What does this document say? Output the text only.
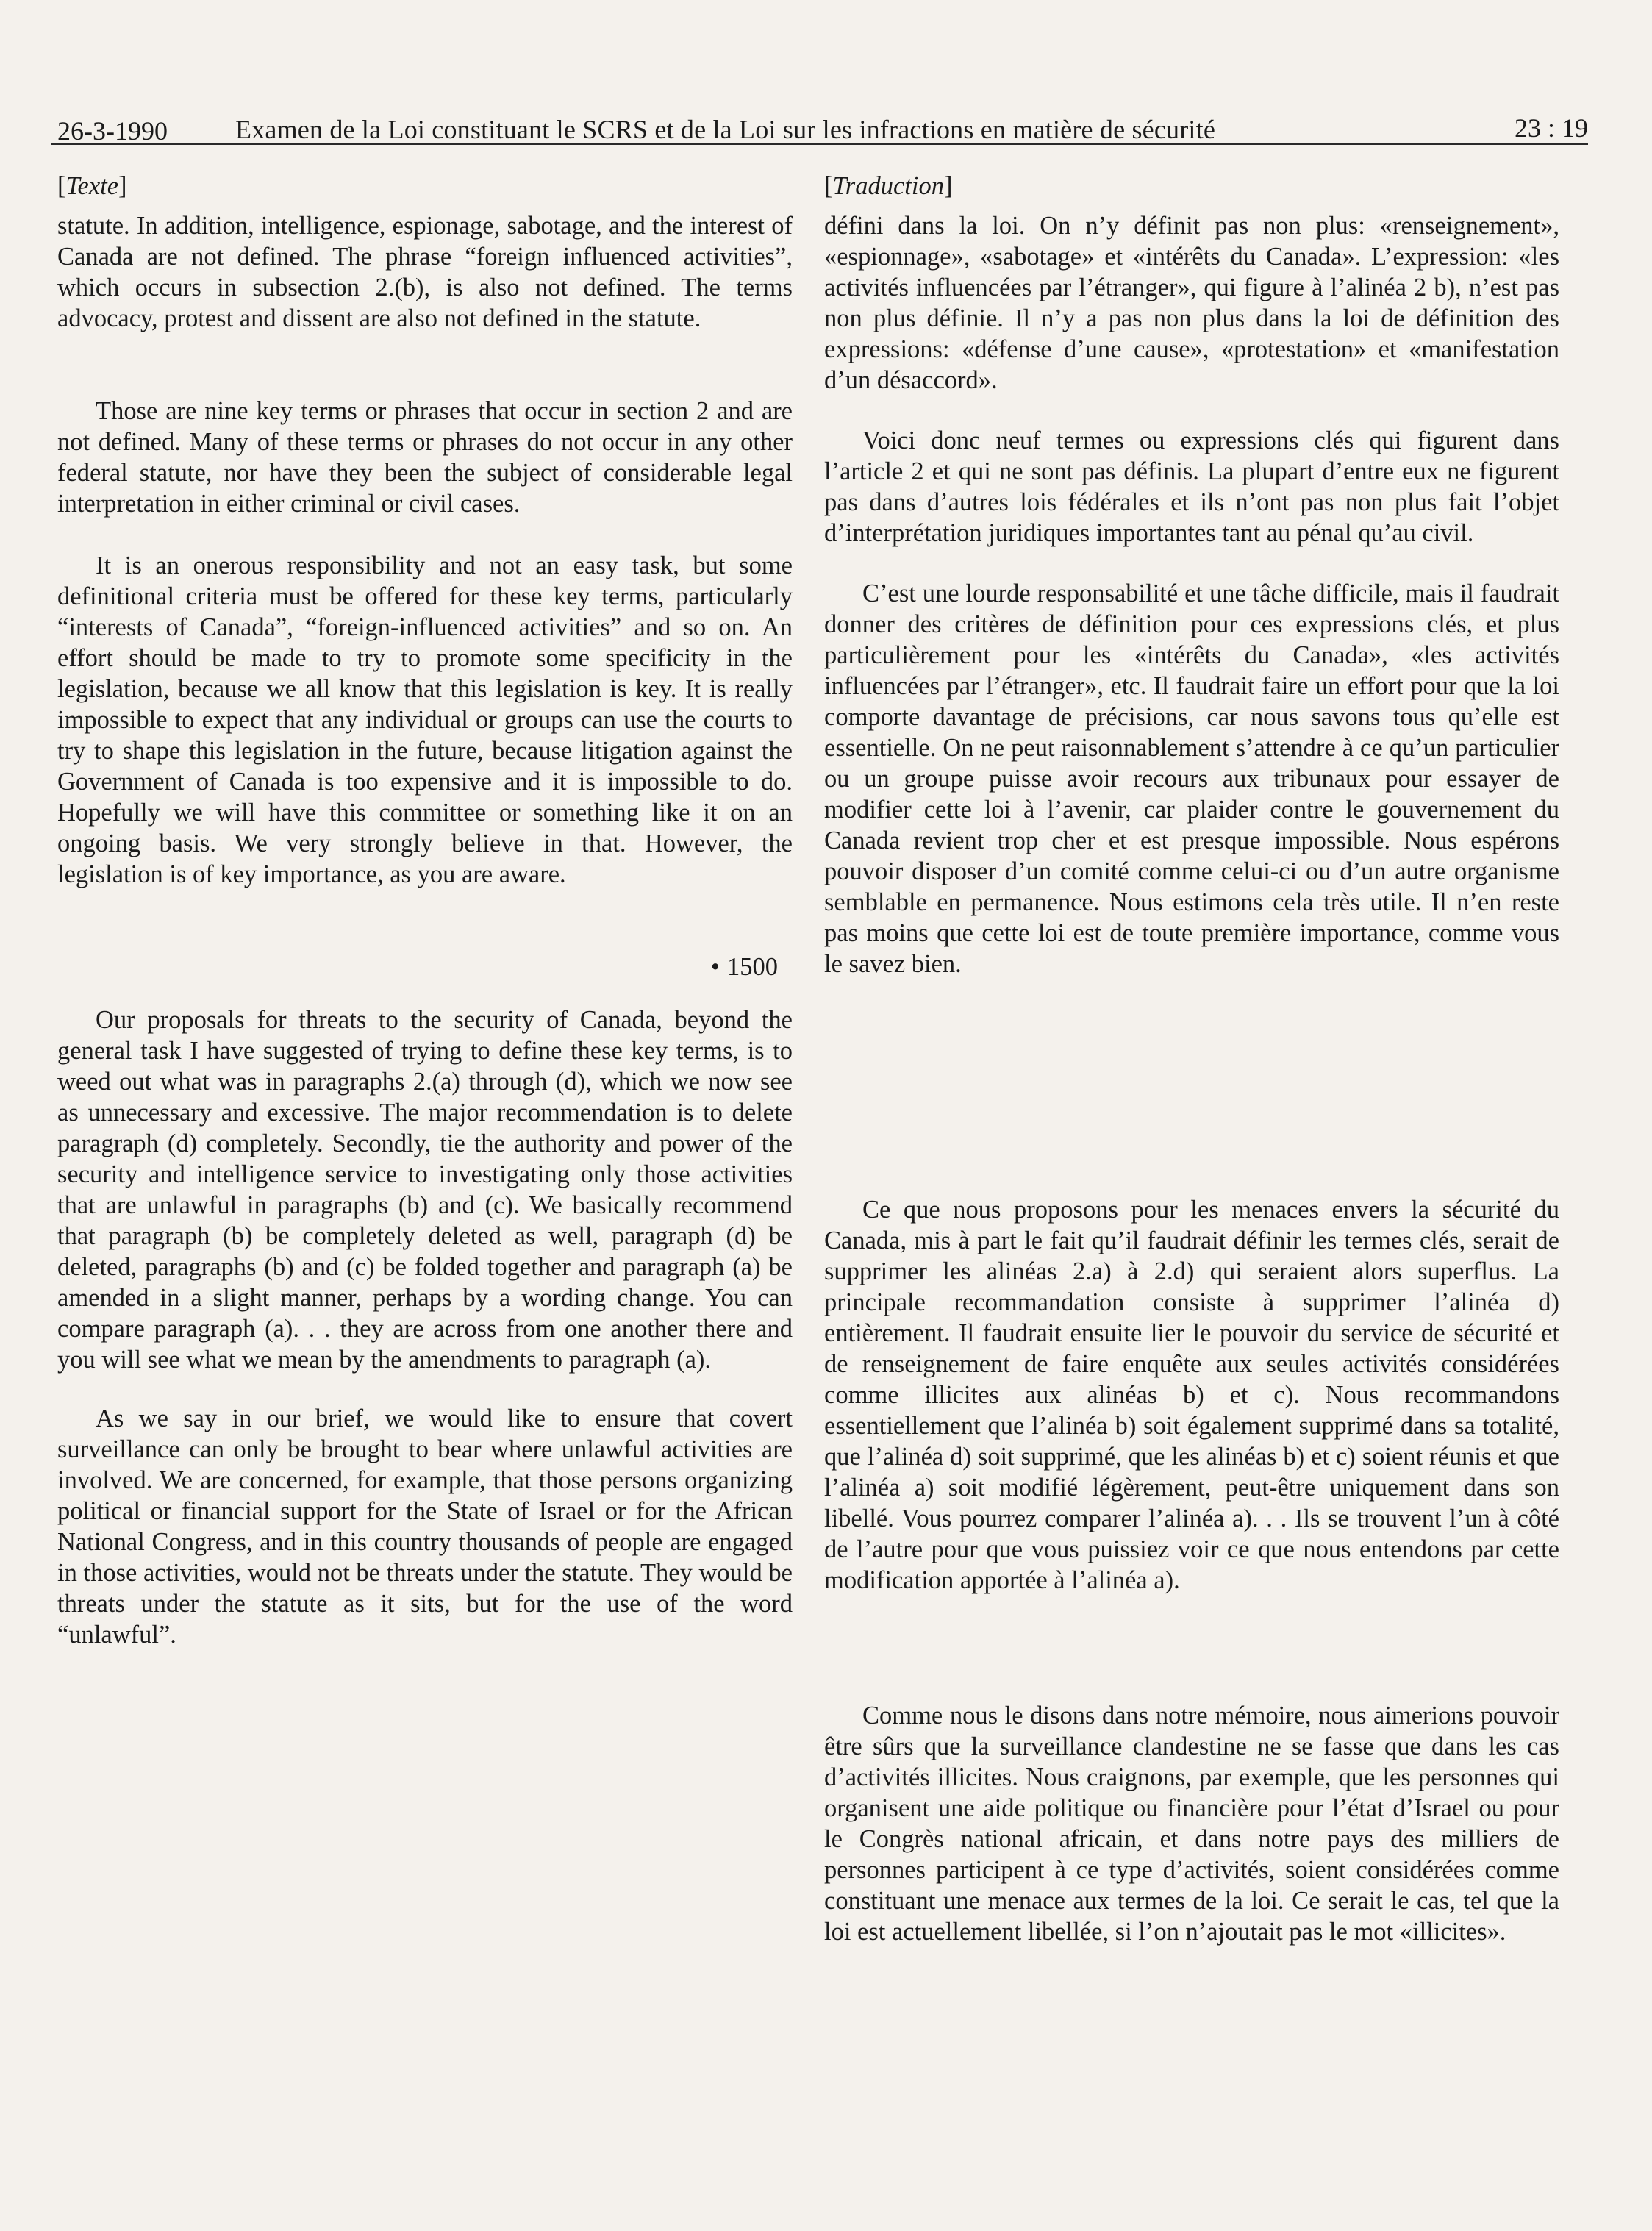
26-3-1990	Examen de la Loi constituant le SCRS et de la Loi sur les infractions en matière de sécurité	23 : 19
[Texte]

statute. In addition, intelligence, espionage, sabotage, and the interest of Canada are not defined. The phrase “foreign influenced activities”, which occurs in subsection 2.(b), is also not defined. The terms advocacy, protest and dissent are also not defined in the statute.

Those are nine key terms or phrases that occur in section 2 and are not defined. Many of these terms or phrases do not occur in any other federal statute, nor have they been the subject of considerable legal interpretation in either criminal or civil cases.

It is an onerous responsibility and not an easy task, but some definitional criteria must be offered for these key terms, particularly “interests of Canada”, “foreign-influenced activities” and so on. An effort should be made to try to promote some specificity in the legislation, because we all know that this legislation is key. It is really impossible to expect that any individual or groups can use the courts to try to shape this legislation in the future, because litigation against the Government of Canada is too expensive and it is impossible to do. Hopefully we will have this committee or something like it on an ongoing basis. We very strongly believe in that. However, the legislation is of key importance, as you are aware.

• 1500

Our proposals for threats to the security of Canada, beyond the general task I have suggested of trying to define these key terms, is to weed out what was in paragraphs 2.(a) through (d), which we now see as unnecessary and excessive. The major recommendation is to delete paragraph (d) completely. Secondly, tie the authority and power of the security and intelligence service to investigating only those activities that are unlawful in paragraphs (b) and (c). We basically recommend that paragraph (b) be completely deleted as well, paragraph (d) be deleted, paragraphs (b) and (c) be folded together and paragraph (a) be amended in a slight manner, perhaps by a wording change. You can compare paragraph (a). . . they are across from one another there and you will see what we mean by the amendments to paragraph (a).

As we say in our brief, we would like to ensure that covert surveillance can only be brought to bear where unlawful activities are involved. We are concerned, for example, that those persons organizing political or financial support for the State of Israel or for the African National Congress, and in this country thousands of people are engaged in those activities, would not be threats under the statute. They would be threats under the statute as it sits, but for the use of the word “unlawful”.

[Traduction]

défini dans la loi. On n’y définit pas non plus: «renseignement», «espionnage», «sabotage» et «intérêts du Canada». L’expression: «les activités influencées par l’étranger», qui figure à l’alinéa 2 b), n’est pas non plus définie. Il n’y a pas non plus dans la loi de définition des expressions: «défense d’une cause», «protestation» et «manifestation d’un désaccord».

Voici donc neuf termes ou expressions clés qui figurent dans l’article 2 et qui ne sont pas définis. La plupart d’entre eux ne figurent pas dans d’autres lois fédérales et ils n’ont pas non plus fait l’objet d’interprétation juridiques importantes tant au pénal qu’au civil.

C’est une lourde responsabilité et une tâche difficile, mais il faudrait donner des critères de définition pour ces expressions clés, et plus particulièrement pour les «intérêts du Canada», «les activités influencées par l’étranger», etc. Il faudrait faire un effort pour que la loi comporte davantage de précisions, car nous savons tous qu’elle est essentielle. On ne peut raisonnablement s’attendre à ce qu’un particulier ou un groupe puisse avoir recours aux tribunaux pour essayer de modifier cette loi à l’avenir, car plaider contre le gouvernement du Canada revient trop cher et est presque impossible. Nous espérons pouvoir disposer d’un comité comme celui-ci ou d’un autre organisme semblable en permanence. Nous estimons cela très utile. Il n’en reste pas moins que cette loi est de toute première importance, comme vous le savez bien.

Ce que nous proposons pour les menaces envers la sécurité du Canada, mis à part le fait qu’il faudrait définir les termes clés, serait de supprimer les alinéas 2.a) à 2.d) qui seraient alors superflus. La principale recommandation consiste à supprimer l’alinéa d) entièrement. Il faudrait ensuite lier le pouvoir du service de sécurité et de renseignement de faire enquête aux seules activités considérées comme illicites aux alinéas b) et c). Nous recommandons essentiellement que l’alinéa b) soit également supprimé dans sa totalité, que l’alinéa d) soit supprimé, que les alinéas b) et c) soient réunis et que l’alinéa a) soit modifié légèrement, peut-être uniquement dans son libellé. Vous pourrez comparer l’alinéa a). . . Ils se trouvent l’un à côté de l’autre pour que vous puissiez voir ce que nous entendons par cette modification apportée à l’alinéa a).

Comme nous le disons dans notre mémoire, nous aimerions pouvoir être sûrs que la surveillance clandestine ne se fasse que dans les cas d’activités illicites. Nous craignons, par exemple, que les personnes qui organisent une aide politique ou financière pour l’état d’Israel ou pour le Congrès national africain, et dans notre pays des milliers de personnes participent à ce type d’activités, soient considérées comme constituant une menace aux termes de la loi. Ce serait le cas, tel que la loi est actuellement libellée, si l’on n’ajoutait pas le mot «illicites».
